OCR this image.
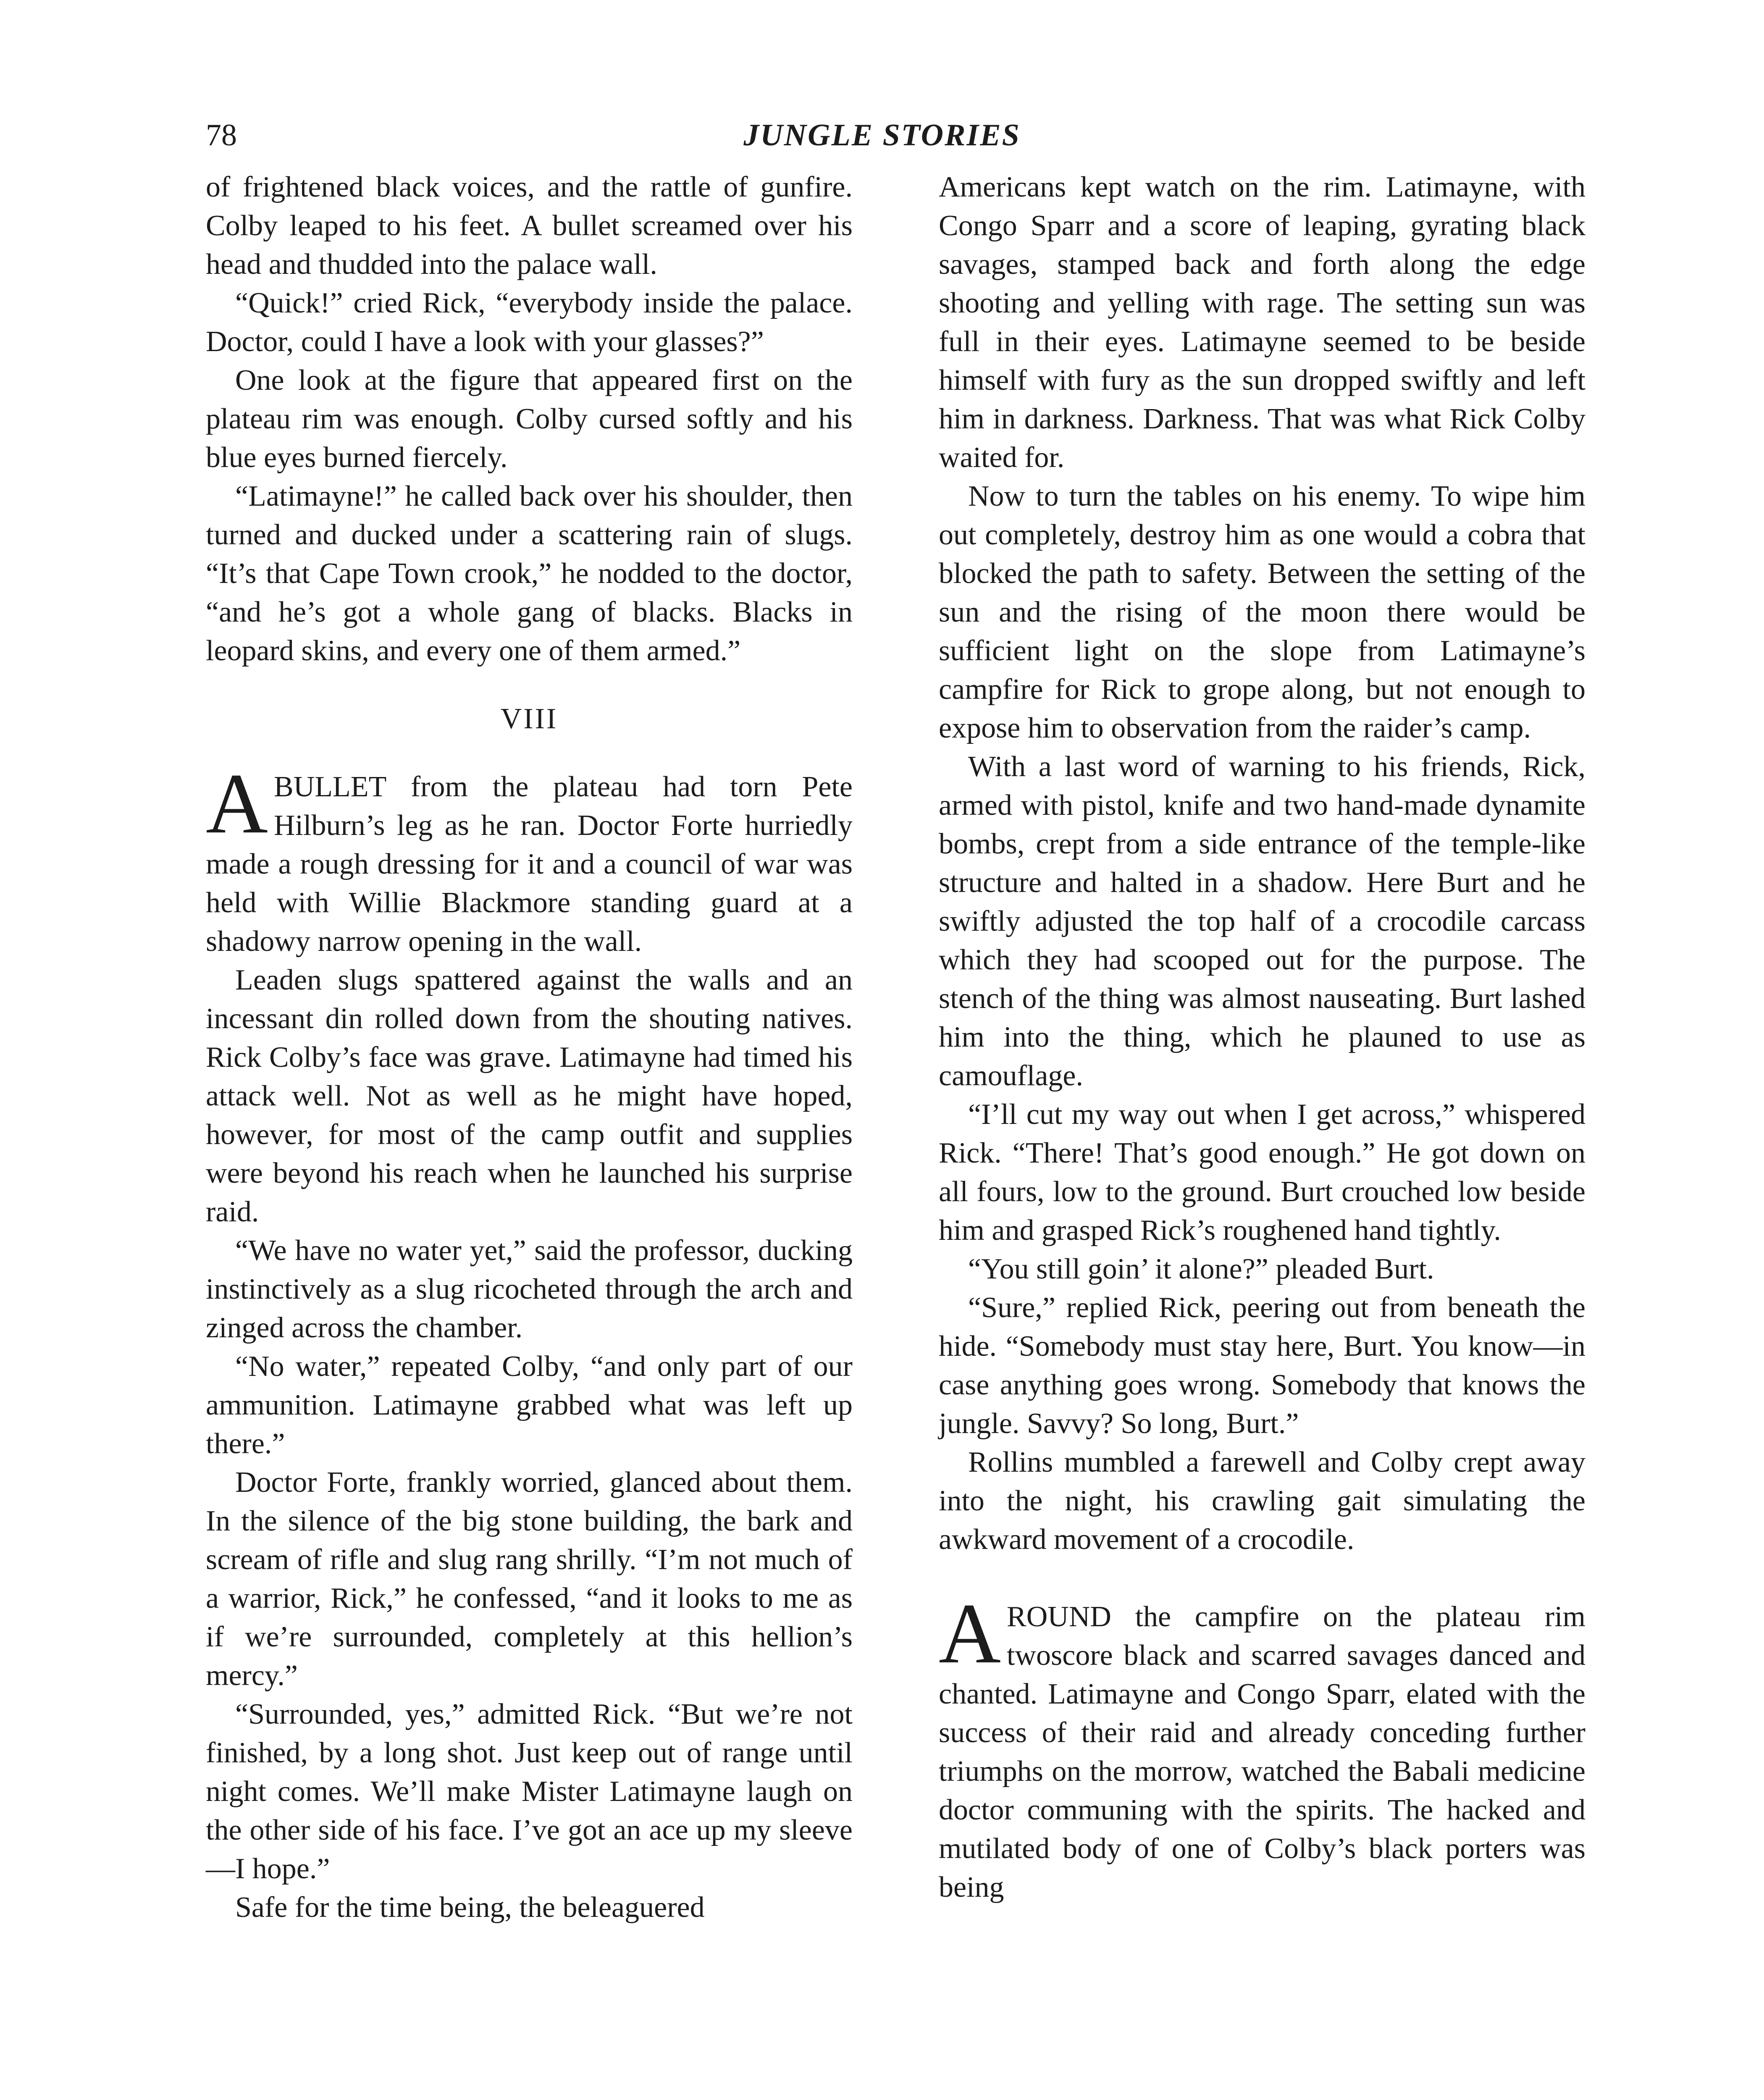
78	JUNGLE STORIES

of frightened black voices, and the rattle of gunfire. Colby leaped to his feet. A bullet screamed over his head and thudded into the palace wall.

“Quick!” cried Rick, “everybody inside the palace. Doctor, could I have a look with your glasses?”

One look at the figure that appeared first on the plateau rim was enough. Colby cursed softly and his blue eyes burned fiercely.

“Latimayne!” he called back over his shoulder, then turned and ducked under a scattering rain of slugs. “It’s that Cape Town crook,” he nodded to the doctor, “and he’s got a whole gang of blacks. Blacks in leopard skins, and every one of them armed.”

VIII

ABULLET from the plateau had torn Pete Hilburn’s leg as he ran. Doctor Forte hurriedly made a rough dressing for it and a council of war was held with Willie Blackmore standing guard at a shadowy narrow opening in the wall.

Leaden slugs spattered against the walls and an incessant din rolled down from the shouting natives. Rick Colby’s face was grave. Latimayne had timed his attack well. Not as well as he might have hoped, however, for most of the camp outfit and supplies were beyond his reach when he launched his surprise raid.

“We have no water yet,” said the professor, ducking instinctively as a slug ricocheted through the arch and zinged across the chamber.

“No water,” repeated Colby, “and only part of our ammunition. Latimayne grabbed what was left up there.”

Doctor Forte, frankly worried, glanced about them. In the silence of the big stone building, the bark and scream of rifle and slug rang shrilly. “I’m not much of a warrior, Rick,” he confessed, “and it looks to me as if we’re surrounded, completely at this hellion’s mercy.”

“Surrounded, yes,” admitted Rick. “But we’re not finished, by a long shot. Just keep out of range until night comes. We’ll make Mister Latimayne laugh on the other side of his face. I’ve got an ace up my sleeve—I hope.”

Safe for the time being, the beleaguered

Americans kept watch on the rim. Latimayne, with Congo Sparr and a score of leaping, gyrating black savages, stamped back and forth along the edge shooting and yelling with rage. The setting sun was full in their eyes. Latimayne seemed to be beside himself with fury as the sun dropped swiftly and left him in darkness. Darkness. That was what Rick Colby waited for.

Now to turn the tables on his enemy. To wipe him out completely, destroy him as one would a cobra that blocked the path to safety. Between the setting of the sun and the rising of the moon there would be sufficient light on the slope from Latimayne’s campfire for Rick to grope along, but not enough to expose him to observation from the raider’s camp.

With a last word of warning to his friends, Rick, armed with pistol, knife and two hand-made dynamite bombs, crept from a side entrance of the temple-like structure and halted in a shadow. Here Burt and he swiftly adjusted the top half of a crocodile carcass which they had scooped out for the purpose. The stench of the thing was almost nauseating. Burt lashed him into the thing, which he plauned to use as camouflage.

“I’ll cut my way out when I get across,” whispered Rick. “There! That’s good enough.” He got down on all fours, low to the ground. Burt crouched low beside him and grasped Rick’s roughened hand tightly.

“You still goin’ it alone?” pleaded Burt.

“Sure,” replied Rick, peering out from beneath the hide. “Somebody must stay here, Burt. You know—in case anything goes wrong. Somebody that knows the jungle. Savvy? So long, Burt.”

Rollins mumbled a farewell and Colby crept away into the night, his crawling gait simulating the awkward movement of a crocodile.

AROUND the campfire on the plateau rim twoscore black and scarred savages danced and chanted. Latimayne and Congo Sparr, elated with the success of their raid and already conceding further triumphs on the morrow, watched the Babali medicine doctor communing with the spirits. The hacked and mutilated body of one of Colby’s black porters was being
